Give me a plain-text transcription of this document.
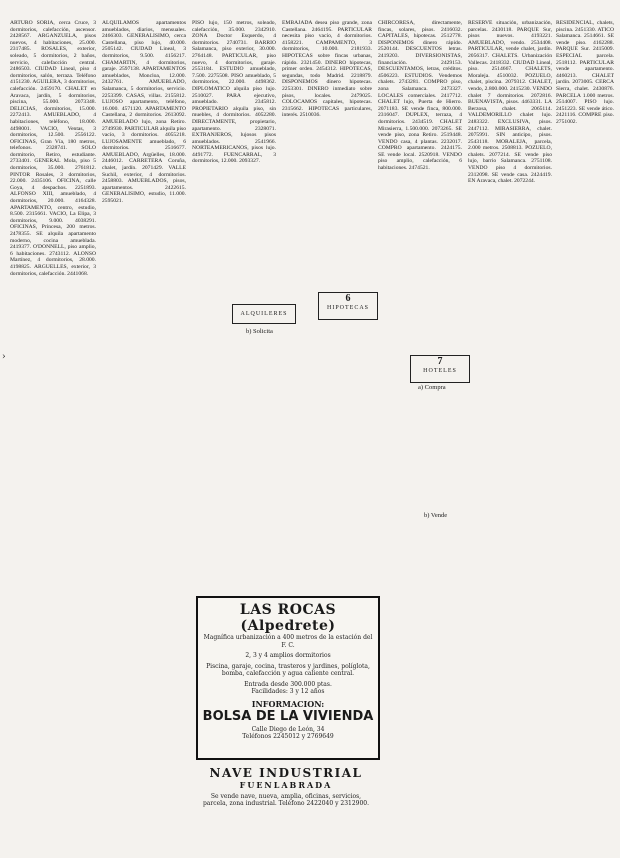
ARTURO SORIA, cerca Cruce, 3 dormitorios, calefacción, ascensor. 2428567. ARGANZUELA, pisos nuevos, 4 habitaciones, 25.000. 2317485. ROSALES, exterior, soleado, 5 dormitorios, 2 baños, servicio, calefacción central. 2486503. CIUDAD Lineal, piso 4 dormitorios, salón, terraza. Teléfono 4151230. AGUILERA, 3 dormitorios, calefacción. 2459170. CHALET en Aravaca, jardín, 5 dormitorios, piscina, 55.000. 2073348. DELICIAS, dormitorios, 15.000. 2272413. AMUEBLADO, 4 habitaciones, teléfono, 18.000. 4498001. VACIO, Ventas, 3 dormitorios, 12.500. 2556122. OFICINAS, Gran Vía, 180 metros, telefonos. 2328741. SOLO dormitorio, Retiro, estudiante. 2733401. GENERAL Mola, piso 5 dormitorios, 35.000. 2761812. PINTOR Rosales, 3 dormitorios, 22.000. 2435106. OFICINA, calle Goya, 4 despachos. 2251893. ALFONSO XIII, amueblado, 4 dormitorios, 20.000. 4164328. APARTAMENTO, centro, estudio, 8.500. 2315661. VACIO, La Elipa, 3 dormitorios, 9.000. 4038291. OFICINAS, Princesa, 200 metros. 2478355. SE alquila apartamento moderno, cocina amueblada. 2419377. O'DONNELL, piso amplio, 6 habitaciones. 2743112. ALONSO Martínez, 4 dormitorios, 28.000. 4198825. ARGUELLES, exterior, 3 dormitorios, calefacción. 2441068.

ALQUILAMOS apartamentos amueblados, diarios, mensuales. 2466303. GENERALISIMO, cerca Castellana, piso lujo, 40.000. 2505142. CIUDAD Lineal, 3 dormitorios, 9.500. 4156217. CHAMARTIN, 4 dormitorios, garaje. 2597138. APARTAMENTOS amueblados, Moncloa, 12.000. 2432761. AMUEBLADO, Salamanca, 5 dormitorios, servicio. 2253399. CASAS, villas. 2155812. LUJOSO apartamento, teléfono, 16.000. 4571120. APARTAMENTO Castellana, 2 dormitorios. 2613092. AMUEBLADO lujo, zona Retiro. 2749930. PARTICULAR alquila piso vacío, 3 dormitorios. 4055218. LUJOSAMENTE amueblado, 6 dormitorios. 2516677. AMUEBLADO, Argüelles, 18.000. 2446012. CARRETERA Coruña, chalet, jardín. 2071429. VALLE Suchil, exterior, 4 dormitorios. 2458803. AMUEBLADOS, pisos, apartamentos. 2422615. GENERALISIMO, estudio, 11.000. 2595021.

PISO lujo, 150 metros, soleado, calefacción, 35.000. 2342910. ZONA Doctor Esquerdo, 4 dormitorios. 2740731. BARRIO Salamanca, piso exterior, 30.000. 2764148. PARTICULAR, piso nuevo, 4 dormitorios, garaje. 2553184. ESTUDIO amueblado, 7.500. 2275508. PISO amueblado, 5 dormitorios, 22.000. 4498362. DIPLOMATICO alquila piso lujo. 2510027. PARA ejecutivo, amueblado. 2345812. PROPIETARIO alquila piso, sin muebles, 4 dormitorios. 4052280. DIRECTAMENTE, propietario, apartamento. 2328071. EXTRANJEROS, lujosos pisos amueblados. 2541966. NORTEAMERICANOS, pisos lujo. 4491772. FUENCARRAL, 3 dormitorios, 12.000. 2093327.

EMBAJADA desea piso grande, zona Castellana. 2464195. PARTICULAR necesita piso vacío, 4 dormitorios. 4158221. CAMPAMENTO, 3 dormitorios, 10.000. 2181933. HIPOTECAS sobre fincas urbanas, rápido. 2321450. DINERO hipotecas, primer orden. 2454312. HIPOTECAS, segundas, todo Madrid. 2218879. DISPONEMOS dinero hipotecas. 2253301. DINERO inmediato sobre pisos, locales. 2479025. COLOCAMOS capitales, hipotecas. 2315662. HIPOTECAS particulares, interés. 2510036.

CHIRCORESA, directamente, fincas, solares, pisos. 2416032. CAPITALES, hipotecas. 2512778. DISPONEMOS dinero rápido. 2520144. DESCUENTOS letras. 2419203. DIVERSIONISTAS, financiación. 2429153. DESCUENTAMOS, letras, créditos. 4506223. ESTUDIOS. Vendemos chalets. 2743281. COMPRO piso, zona Salamanca. 2473327. LOCALES comerciales. 2417712. CHALET lujo, Puerta de Hierro. 2071183. SE vende finca, 800.000. 2316047. DUPLEX, terraza, 4 dormitorios. 2434519. CHALET Mirasierra, 1.500.000. 2073265. SE vende piso, zona Retiro. 2519448. VENDO casa, 4 plantas. 2232017. COMPRO apartamento. 2424175. SE vende local. 2520918. VENDO piso amplio, calefacción, 6 habitaciones. 2474521.

RESERVE situación, urbanización, parcelas. 2430118. PARQUE Sur, pisos nuevos. 4193221. AMUEBLADO, vendo. 2534408. PARTICULAR, vende chalet, jardín. 2056317. CHALETS. Urbanización Vallecas. 2418332. CIUDAD Lineal, piso. 2514667. CHALETS, Moraleja. 4510032. POZUELO, chalet, piscina. 2079312. CHALET, vendo, 2.800.000. 2415230. VENDO chalet 7 dormitorios. 2072816. BUENAVISTA, pisos. 4463331. LA Berzosa, chalet. 2065114. VALDEMORILLO chalet lujo. 2483322. EXCLUSIVA, pisos. 2447112. MIRASIERRA, chalet. 2075991. SIN anticipo, pisos. 2543118. MORALEJA, parcela, 2.000 metros. 2508813. POZUELO, chalets. 2077214. SE vende piso lujo, barrio Salamanca. 2751108. VENDO piso 4 dormitorios. 2312098. SE vende casa. 2424419. EN Aravaca, chalet. 2072244.

RESIDENCIAL, chalets, piscina. 2451330. ATICO Salamanca. 2514661. SE vende piso. 4162288. PARQUE Sur. 2415009. ESPECIAL parcela. 2518112. PARTICULAR vende apartamento. 4460213. CHALET jardín. 2073005. CERCA Sierra, chalet. 2430876. PARCELA 1.000 metros. 2514007. PISO lujo. 2451223. SE vende ático. 2421116. COMPRE piso. 2751002.

ALQUILERES
b) Solicita
6
HIPOTECAS
7
HOTELES
a) Compra
b) Vende
LAS ROCAS (Alpedrete)
Magnífica urbanización a 400 metros de la estación del F. C.
2, 3 y 4 amplios dormitorios
Piscina, garaje, cocina, trasteros y jardines, políglota, bomba, calefacción y agua caliente central.
Entrada desde 300.000 ptas.
Facilidades: 3 y 12 años
INFORMACION:
BOLSA DE LA VIVIENDA
Calle Diego de León, 34
Teléfonos 2245012 y 2769649
NAVE INDUSTRIAL
FUENLABRADA
Se vende nave, nueva, amplia, oficinas, servicios, parcela, zona industrial. Teléfono 2422040 y 2312900.
›
